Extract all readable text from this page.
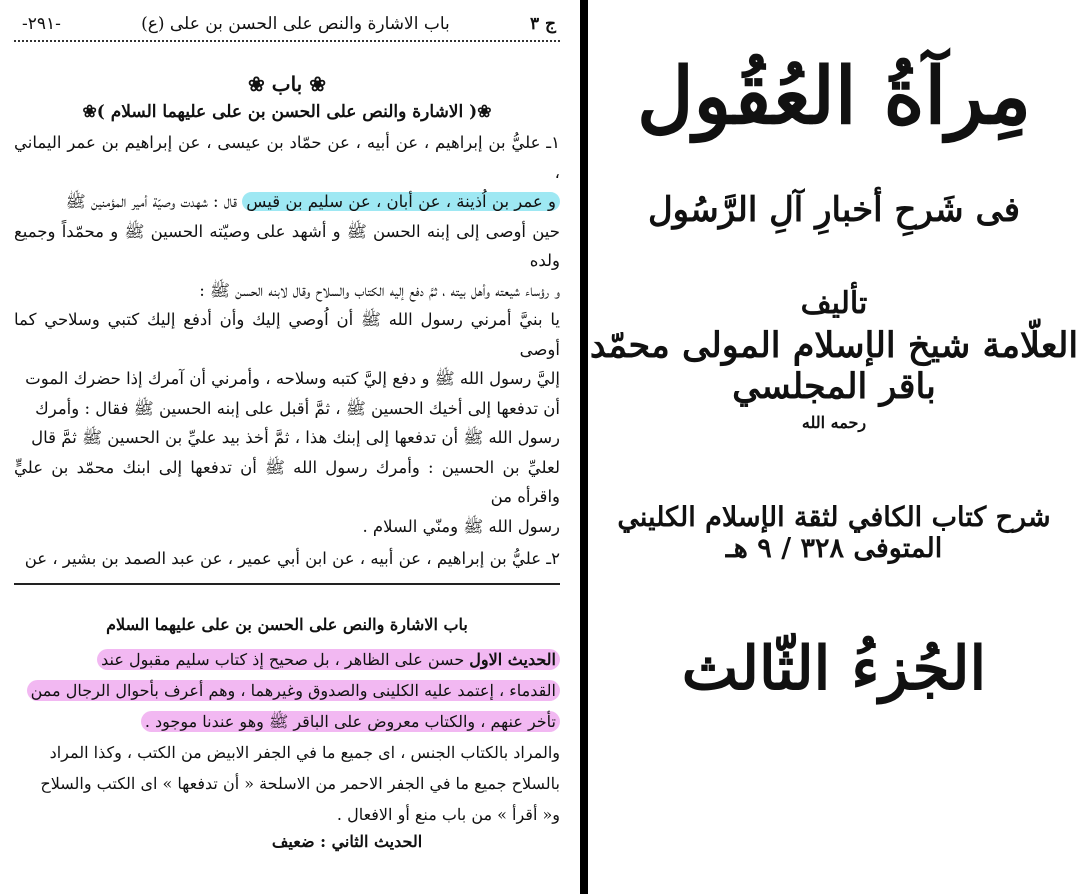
ج ٣
باب الاشارة والنص على الحسن بن على (ع)
-٢٩١-
❀ باب ❀
❀( الاشارة والنص على الحسن بن على عليهما السلام )❀

١ـ عليُّ بن إبراهيم ، عن أبيه ، عن حمّاد بن عيسى ، عن إبراهيم بن عمر اليماني ،

و عمر بن اُذينة ، عن أبان ، عن سليم بن قيس قال : شهدت وصيّة أمير المؤمنين ﷺ

حين أوصى إلى إبنه الحسن ﷺ و أشهد على وصيّته الحسين ﷺ و محمّداً وجميع ولده

و رؤساء شيعته وأهل بيته ، ثمَّ دفع إليه الكتاب والسلاح وقال لابنه الحسن ﷺ :

يا بنيَّ أمرني رسول الله ﷺ أن اُوصي إليك وأن أدفع إليك كتبي وسلاحي كما أوصى

إليَّ رسول الله ﷺ و دفع إليَّ كتبه وسلاحه ، وأمرني أن آمرك إذا حضرك الموت

أن تدفعها إلى أخيك الحسين ﷺ ، ثمَّ أقبل على إبنه الحسين ﷺ فقال : وأمرك

رسول الله ﷺ أن تدفعها إلى إبنك هذا ، ثمَّ أخذ بيد عليِّ بن الحسين ﷺ ثمَّ قال

لعليِّ بن الحسين : وأمرك رسول الله ﷺ أن تدفعها إلى ابنك محمّد بن عليٍّ واقرأه من

رسول الله ﷺ ومنّي السلام .

٢ـ عليُّ بن إبراهيم ، عن أبيه ، عن ابن أبي عمير ، عن عبد الصمد بن بشير ، عن
باب الاشارة والنص على الحسن بن على عليهما السلام

الحديث الاول حسن على الظاهر ، بل صحيح إذ كتاب سليم مقبول عند

القدماء ، إعتمد عليه الكلينى والصدوق وغيرهما ، وهم أعرف بأحوال الرجال ممن

تأخر عنهم ، والكتاب معروض على الباقر ﷺ وهو عندنا موجود .

والمراد بالكتاب الجنس ، اى جميع ما في الجفر الابيض من الكتب ، وكذا المراد

بالسلاح جميع ما في الجفر الاحمر من الاسلحة « أن تدفعها » اى الكتب والسلاح

و« أقرأ » من باب منع أو الافعال .

الحديث الثاني : ضعيف
مِرآةُ العُقُول
فى شَرحِ أخبارِ آلِ الرَّسُول
تأليف
العلّامة شيخ الإسلام المولى محمّد باقر المجلسي
رحمه الله
شرح كتاب الكافي لثقة الإسلام الكليني المتوفى ٣٢٨ / ٩ هـ
الجُزءُ الثّالث
